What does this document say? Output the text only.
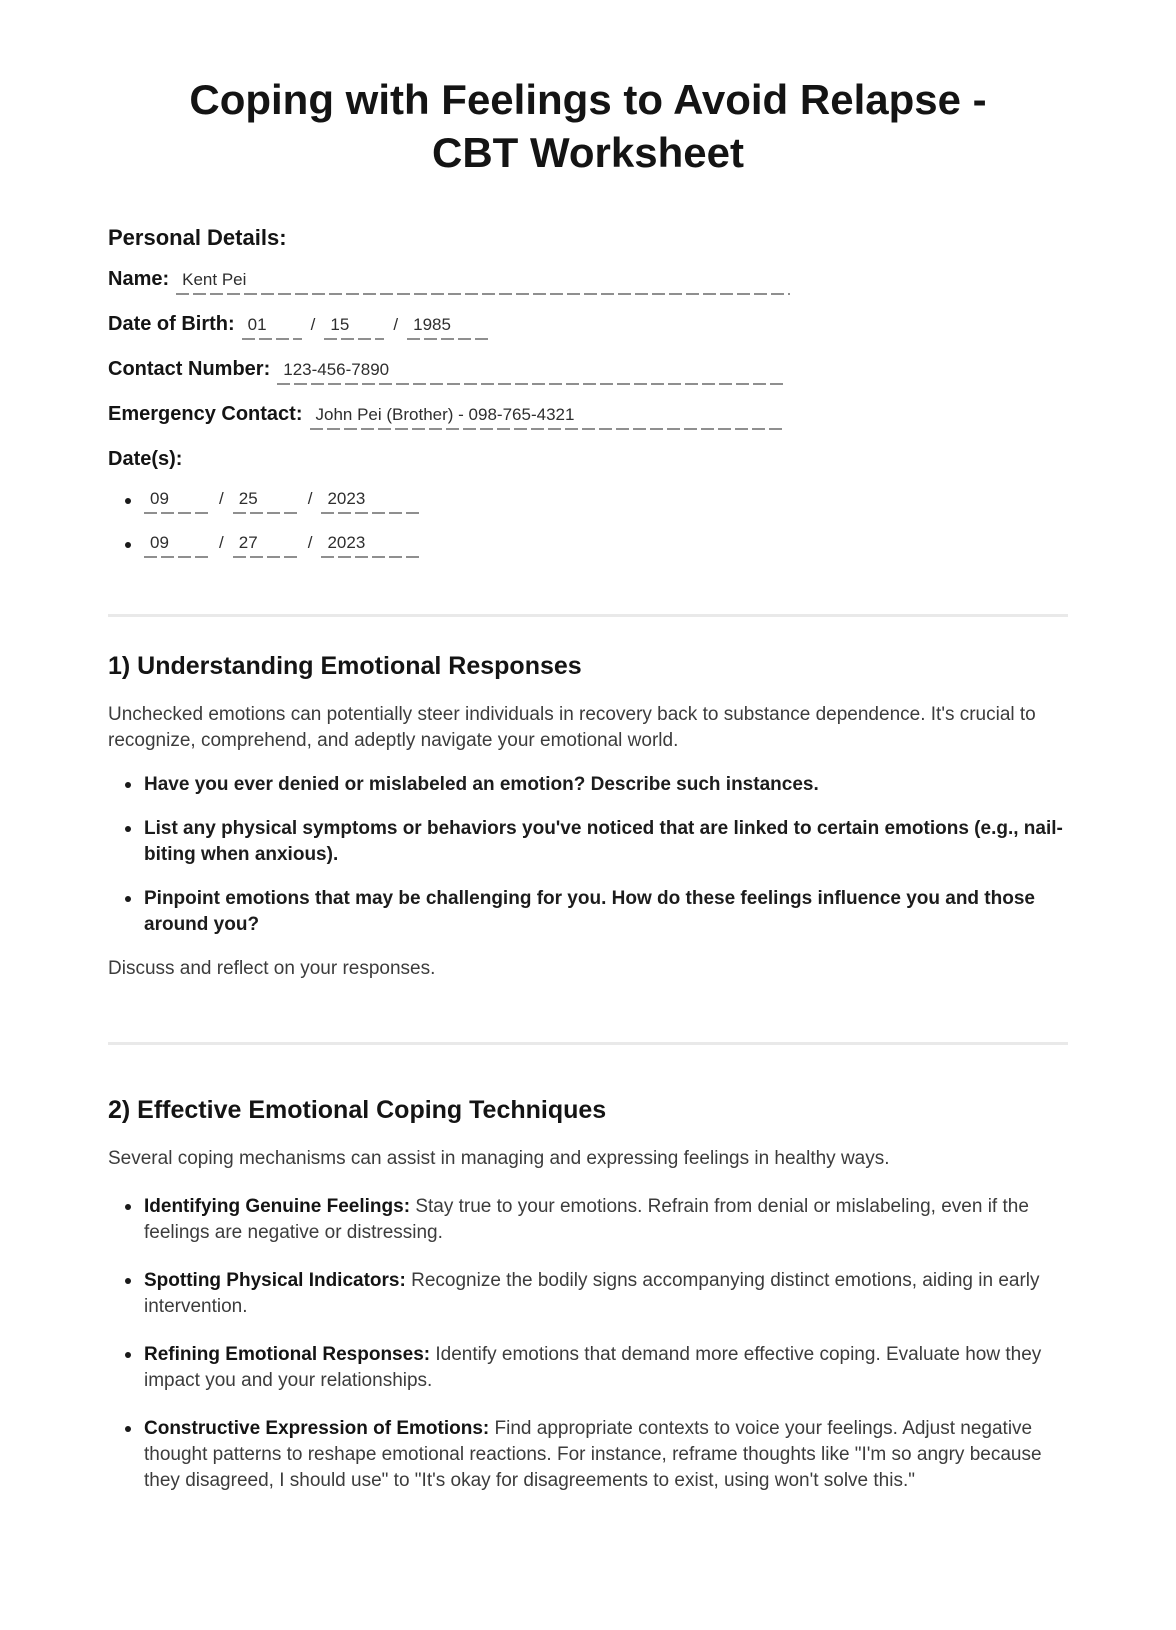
Coping with Feelings to Avoid Relapse -
CBT Worksheet
Personal Details:
Name: Kent Pei
Date of Birth: 01	/ 15	/ 1985
Contact Number: 123-456-7890
Emergency Contact: John Pei (Brother) - 098-765-4321
Date(s):
09	/ 25	/ 2023
09	/ 27	/ 2023
1) Understanding Emotional Responses

Unchecked emotions can potentially steer individuals in recovery back to substance dependence. It's crucial to recognize, comprehend, and adeptly navigate your emotional world.

Have you ever denied or mislabeled an emotion? Describe such instances.
List any physical symptoms or behaviors you've noticed that are linked to certain emotions (e.g., nail-biting when anxious).
Pinpoint emotions that may be challenging for you. How do these feelings influence you and those around you?

Discuss and reflect on your responses.

2) Effective Emotional Coping Techniques

Several coping mechanisms can assist in managing and expressing feelings in healthy ways.

Identifying Genuine Feelings: Stay true to your emotions. Refrain from denial or mislabeling, even if the feelings are negative or distressing.
Spotting Physical Indicators: Recognize the bodily signs accompanying distinct emotions, aiding in early intervention.
Refining Emotional Responses: Identify emotions that demand more effective coping. Evaluate how they impact you and your relationships.
Constructive Expression of Emotions: Find appropriate contexts to voice your feelings. Adjust negative thought patterns to reshape emotional reactions. For instance, reframe thoughts like "I'm so angry because they disagreed, I should use" to "It's okay for disagreements to exist, using won't solve this."
